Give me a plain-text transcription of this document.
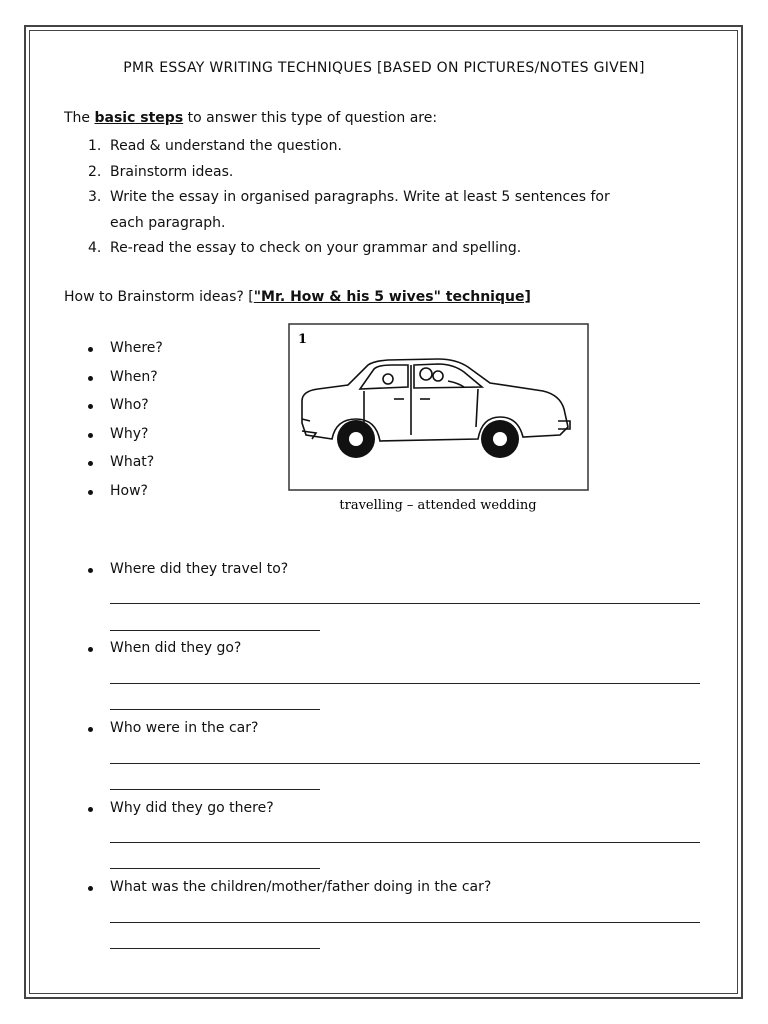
PMR ESSAY WRITING TECHNIQUES [BASED ON PICTURES/NOTES GIVEN]
The basic steps to answer this type of question are:
1. Read & understand the question.
2. Brainstorm ideas.
3. Write the essay in organised paragraphs. Write at least 5 sentences for
each paragraph.
4. Re-read the essay to check on your grammar and spelling.
How to Brainstorm ideas? ["Mr. How & his 5 wives" technique]
Where?
When?
Who?
Why?
What?
How?
1
travelling – attended wedding
Where did they travel to?
When did they go?
Who were in the car?
Why did they go there?
What was the children/mother/father doing in the car?
